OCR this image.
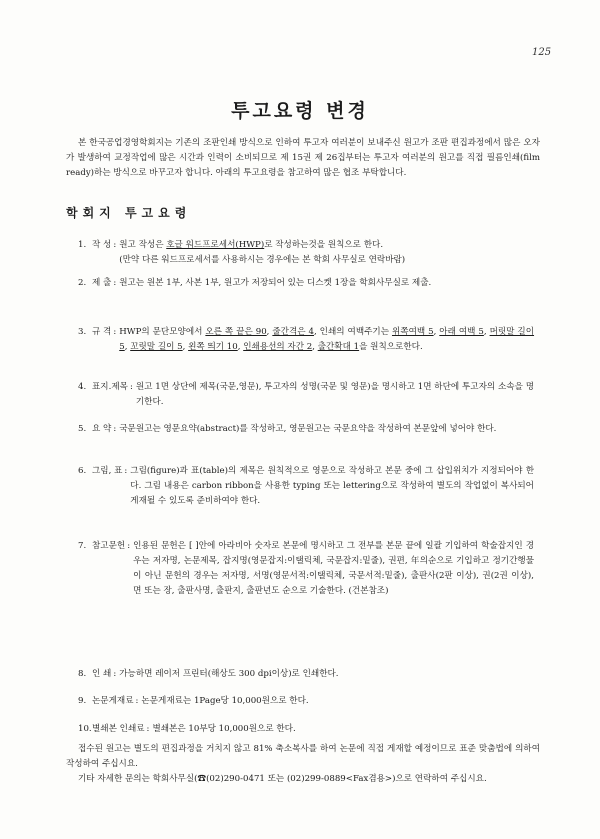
125
투고요령 변경

본 한국공업경영학회지는 기존의 조판인쇄 방식으로 인하여 투고자 여러분이 보내주신 원고가 조판 편집과정에서 많은 오자가 발생하여 교정작업에 많은 시간과 인력이 소비되므로 제 15권 제 26집부터는 투고자 여러분의 원고를 직접 필름인쇄(film ready)하는 방식으로 바꾸고자 합니다. 아래의 투고요령을 참고하여 많은 협조 부탁합니다.

학회지 투고요령
1. 작 성 : 원고 작성은 호글 워드프로세서(HWP)로 작성하는것을 원칙으로 한다.
(만약 다른 워드프로세서를 사용하시는 경우에는 본 학회 사무실로 연락바람)
2. 제 출 : 원고는 원본 1부, 사본 1부, 원고가 저장되어 있는 디스켓 1장을 학회사무실로 제출.
3. 규 격 : HWP의 문단모양에서 오른 쪽 끝은 90, 줄간격은 4, 인쇄의 여백주기는 위쪽여백 5, 아래 여백 5, 머릿말 길이 5, 꼬릿말 길이 5, 왼쪽 띄기 10, 인쇄용선의 자간 2, 출간확대 1을 원칙으로한다.
4. 표지.제목 : 원고 1면 상단에 제목(국문,영문), 투고자의 성명(국문 및 영문)을 명시하고 1면 하단에 투고자의 소속을 명기한다.
5. 요 약 : 국문원고는 영문요약(abstract)를 작성하고, 영문원고는 국문요약을 작성하여 본문앞에 넣어야 한다.
6. 그림, 표 : 그림(figure)과 표(table)의 제목은 원칙적으로 영문으로 작성하고 본문 중에 그 삽입위치가 지정되어야 한다. 그림 내용은 carbon ribbon을 사용한 typing 또는 lettering으로 작성하여 별도의 작업없이 복사되어 게재될 수 있도록 준비하여야 한다.
7. 참고문헌 : 인용된 문헌은 [ ]안에 아라비아 숫자로 본문에 명시하고 그 전부를 본문 끝에 일괄 기입하여 학술잡지인 경우는 저자명, 논문제목, 잡지명(영문잡지:이탤릭체, 국문잡지:밑줄), 권편, 年의순으로 기입하고 정기간행물이 아닌 문헌의 경우는 저자명, 서명(영문서적:이탤릭체, 국문서적:밑줄), 출판사(2판 이상), 권(2권 이상), 면 또는 장, 출판사명, 출판지, 출판년도 순으로 기술한다. (건본참조)
8. 인 쇄 : 가능하면 레이저 프린터(해상도 300 dpi이상)로 인쇄한다.
9. 논문게재료 : 논문게재료는 1Page당 10,000원으로 한다.
10. 별쇄본 인쇄료 : 별쇄본은 10부당 10,000원으로 한다.

접수된 원고는 별도의 편집과정을 거치지 않고 81% 축소복사를 하여 논문에 직접 게재할 예정이므로 표준 맞춤법에 의하여 작성하여 주십시요.

기타 자세한 문의는 학회사무실(☎(02)290-0471 또는 (02)299-0889<Fax겸용>)으로 연락하여 주십시요.
